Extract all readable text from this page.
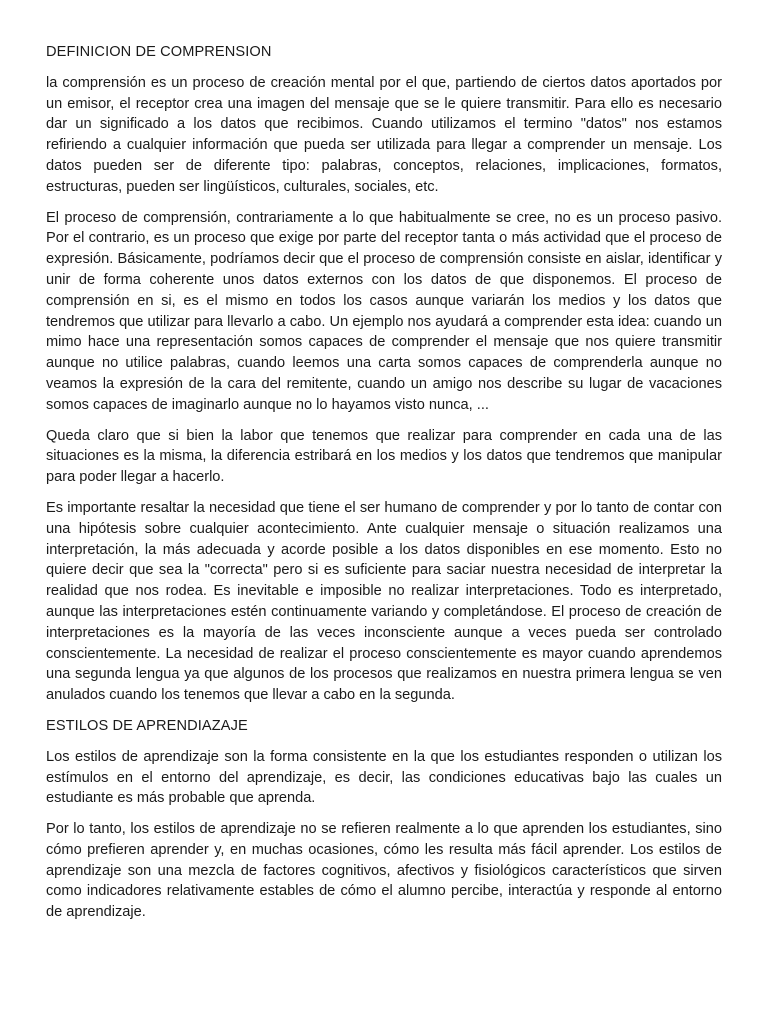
DEFINICION DE COMPRENSION

la comprensión es un proceso de creación mental por el que, partiendo de ciertos datos aportados por un emisor, el receptor crea una imagen del mensaje que se le quiere transmitir. Para ello es necesario dar un significado a los datos que recibimos. Cuando utilizamos el termino "datos" nos estamos refiriendo a cualquier información que pueda ser utilizada para llegar a comprender un mensaje. Los datos pueden ser de diferente tipo: palabras, conceptos, relaciones, implicaciones, formatos, estructuras, pueden ser lingüísticos, culturales, sociales, etc.

El proceso de comprensión, contrariamente a lo que habitualmente se cree, no es un proceso pasivo. Por el contrario, es un proceso que exige por parte del receptor tanta o más actividad que el proceso de expresión. Básicamente, podríamos decir que el proceso de comprensión consiste en aislar, identificar y unir de forma coherente unos datos externos con los datos de que disponemos. El proceso de comprensión en si, es el mismo en todos los casos aunque variarán los medios y los datos que tendremos que utilizar para llevarlo a cabo. Un ejemplo nos ayudará a comprender esta idea: cuando un mimo hace una representación somos capaces de comprender el mensaje que nos quiere transmitir aunque no utilice palabras, cuando leemos una carta somos capaces de comprenderla aunque no veamos la expresión de la cara del remitente, cuando un amigo nos describe su lugar de vacaciones somos capaces de imaginarlo aunque no lo hayamos visto nunca, ...

Queda claro que si bien la labor que tenemos que realizar para comprender en cada una de las situaciones es la misma, la diferencia estribará en los medios y los datos que tendremos que manipular para poder llegar a hacerlo.

Es importante resaltar la necesidad que tiene el ser humano de comprender y por lo tanto de contar con una hipótesis sobre cualquier acontecimiento. Ante cualquier mensaje o situación realizamos una interpretación, la más adecuada y acorde posible a los datos disponibles en ese momento. Esto no quiere decir que sea la "correcta" pero si es suficiente para saciar nuestra necesidad de interpretar la realidad que nos rodea. Es inevitable e imposible no realizar interpretaciones. Todo es interpretado, aunque las interpretaciones estén continuamente variando y completándose. El proceso de creación de interpretaciones es la mayoría de las veces inconsciente aunque a veces pueda ser controlado conscientemente. La necesidad de realizar el proceso conscientemente es mayor cuando aprendemos una segunda lengua ya que algunos de los procesos que realizamos en nuestra primera lengua se ven anulados cuando los tenemos que llevar a cabo en la segunda.

ESTILOS DE APRENDIAZAJE

Los estilos de aprendizaje son la forma consistente en la que los estudiantes responden o utilizan los estímulos en el entorno del aprendizaje, es decir, las condiciones educativas bajo las cuales un estudiante es más probable que aprenda.

Por lo tanto, los estilos de aprendizaje no se refieren realmente a lo que aprenden los estudiantes, sino cómo prefieren aprender y, en muchas ocasiones, cómo les resulta más fácil aprender. Los estilos de aprendizaje son una mezcla de factores cognitivos, afectivos y fisiológicos característicos que sirven como indicadores relativamente estables de cómo el alumno percibe, interactúa y responde al entorno de aprendizaje.
